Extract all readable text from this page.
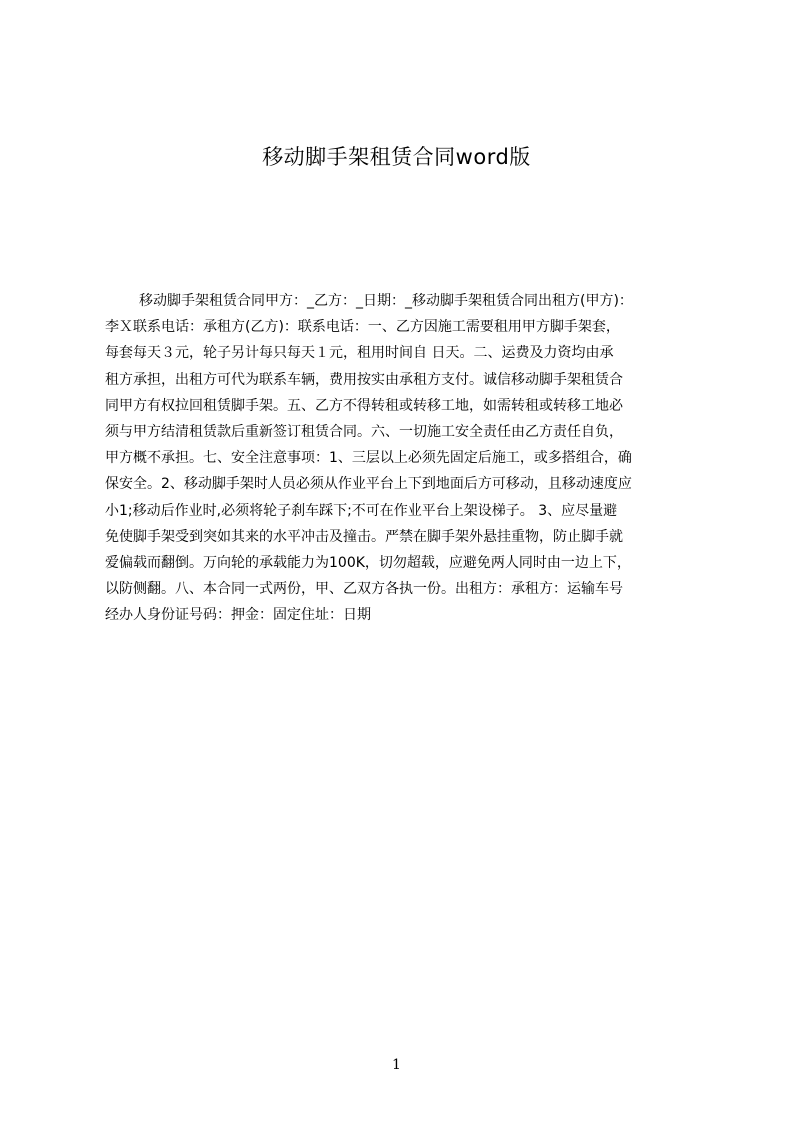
移动脚手架租赁合同word版
移动脚手架租赁合同甲方：_乙方：_日期：_移动脚手架租赁合同出租方(甲方)：
李Ｘ联系电话：承租方(乙方)：联系电话：一、乙方因施工需要租用甲方脚手架套，
每套每天３元，轮子另计每只每天１元，租用时间自 日天。二、运费及力资均由承
租方承担，出租方可代为联系车辆，费用按实由承租方支付。诚信移动脚手架租赁合
同甲方有权拉回租赁脚手架。五、乙方不得转租或转移工地，如需转租或转移工地必
须与甲方结清租赁款后重新签订租赁合同。六、一切施工安全责任由乙方责任自负，
甲方概不承担。七、安全注意事项：1、三层以上必须先固定后施工，或多搭组合，确
保安全。2、移动脚手架时人员必须从作业平台上下到地面后方可移动，且移动速度应
小1;移动后作业时,必须将轮子刹车踩下;不可在作业平台上架设梯子。 3、应尽量避
免使脚手架受到突如其来的水平冲击及撞击。严禁在脚手架外悬挂重物，防止脚手就
爱偏载而翻倒。万向轮的承载能力为100K，切勿超载，应避免两人同时由一边上下，
以防侧翻。八、本合同一式两份，甲、乙双方各执一份。出租方：承租方：运输车号
经办人身份证号码：押金：固定住址：日期
1
